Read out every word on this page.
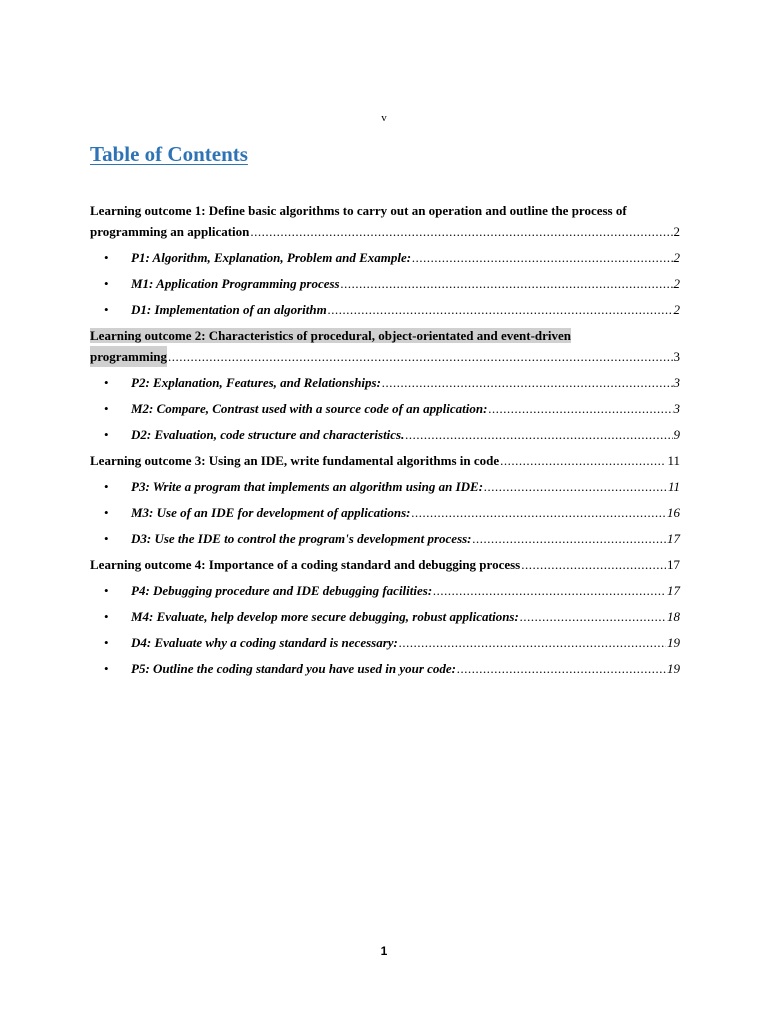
v
Table of Contents
Learning outcome 1: Define basic algorithms to carry out an operation and outline the process of
programming an application .....	2
• P1: Algorithm, Explanation, Problem and Example: .....	2
• M1: Application Programming process .....	2
• D1: Implementation of an algorithm .....	2
Learning outcome 2: Characteristics of procedural, object-orientated and event-driven
programming .....	3
• P2: Explanation, Features, and Relationships: .....	3
• M2: Compare, Contrast used with a source code of an application: .....	3
• D2: Evaluation, code structure and characteristics. .....	9
Learning outcome 3: Using an IDE, write fundamental algorithms in code .....	11
• P3: Write a program that implements an algorithm using an IDE: .....	11
• M3: Use of an IDE for development of applications: .....	16
• D3: Use the IDE to control the program's development process: .....	17
Learning outcome 4: Importance of a coding standard and debugging process .....	17
• P4: Debugging procedure and IDE debugging facilities: .....	17
• M4: Evaluate, help develop more secure debugging, robust applications: .....	18
• D4: Evaluate why a coding standard is necessary: .....	19
• P5: Outline the coding standard you have used in your code: .....	19
1
